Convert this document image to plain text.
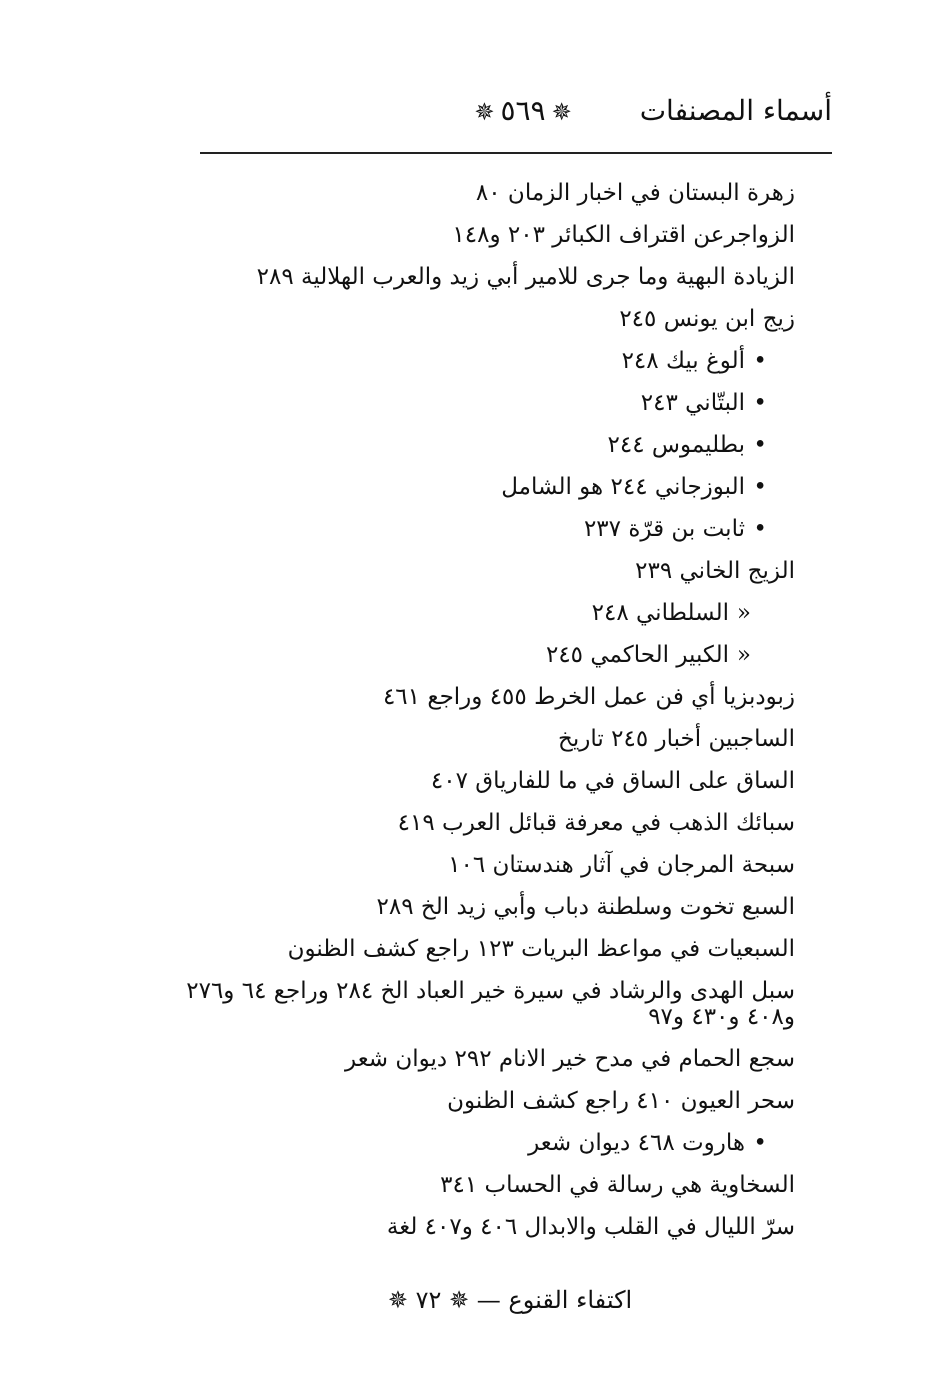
أسماء المصنفات
✵٥٦٩✵
زهرة البستان في اخبار الزمان ٨٠
الزواجرعن اقتراف الكبائر ٢٠٣ و١٤٨
الزيادة البهية وما جرى للامير أبي زيد والعرب الهلالية ٢٨٩
زيج ابن يونس ٢٤٥
•ألوغ بيك ٢٤٨
•البتّاني ٢٤٣
•بطليموس ٢٤٤
•البوزجاني ٢٤٤ هو الشامل
•ثابت بن قرّة ٢٣٧
الزيج الخاني ٢٣٩
«السلطاني ٢٤٨
«الكبير الحاكمي ٢٤٥
زبودبزيا أي فن عمل الخرط ٤٥٥ وراجع ٤٦١
الساجبين أخبار ٢٤٥ تاريخ
الساق على الساق في ما للفارياق ٤٠٧
سبائك الذهب في معرفة قبائل العرب ٤١٩
سبحة المرجان في آثار هندستان ١٠٦
السبع تخوت وسلطنة دباب وأبي زيد الخ ٢٨٩
السبعيات في مواعظ البريات ١٢٣ راجع كشف الظنون
سبل الهدى والرشاد في سيرة خير العباد الخ ٢٨٤ وراجع ٦٤ و٢٧٦ و٤٠٨ و٤٣٠ و٩٧
سجع الحمام في مدح خير الانام ٢٩٢ ديوان شعر
سحر العيون ٤١٠ راجع كشف الظنون
•هاروت ٤٦٨ ديوان شعر
السخاوية هي رسالة في الحساب ٣٤١
سرّ الليال في القلب والابدال ٤٠٦ و٤٠٧ لغة
اكتفاء القنوع — ✵ ٧٢ ✵
